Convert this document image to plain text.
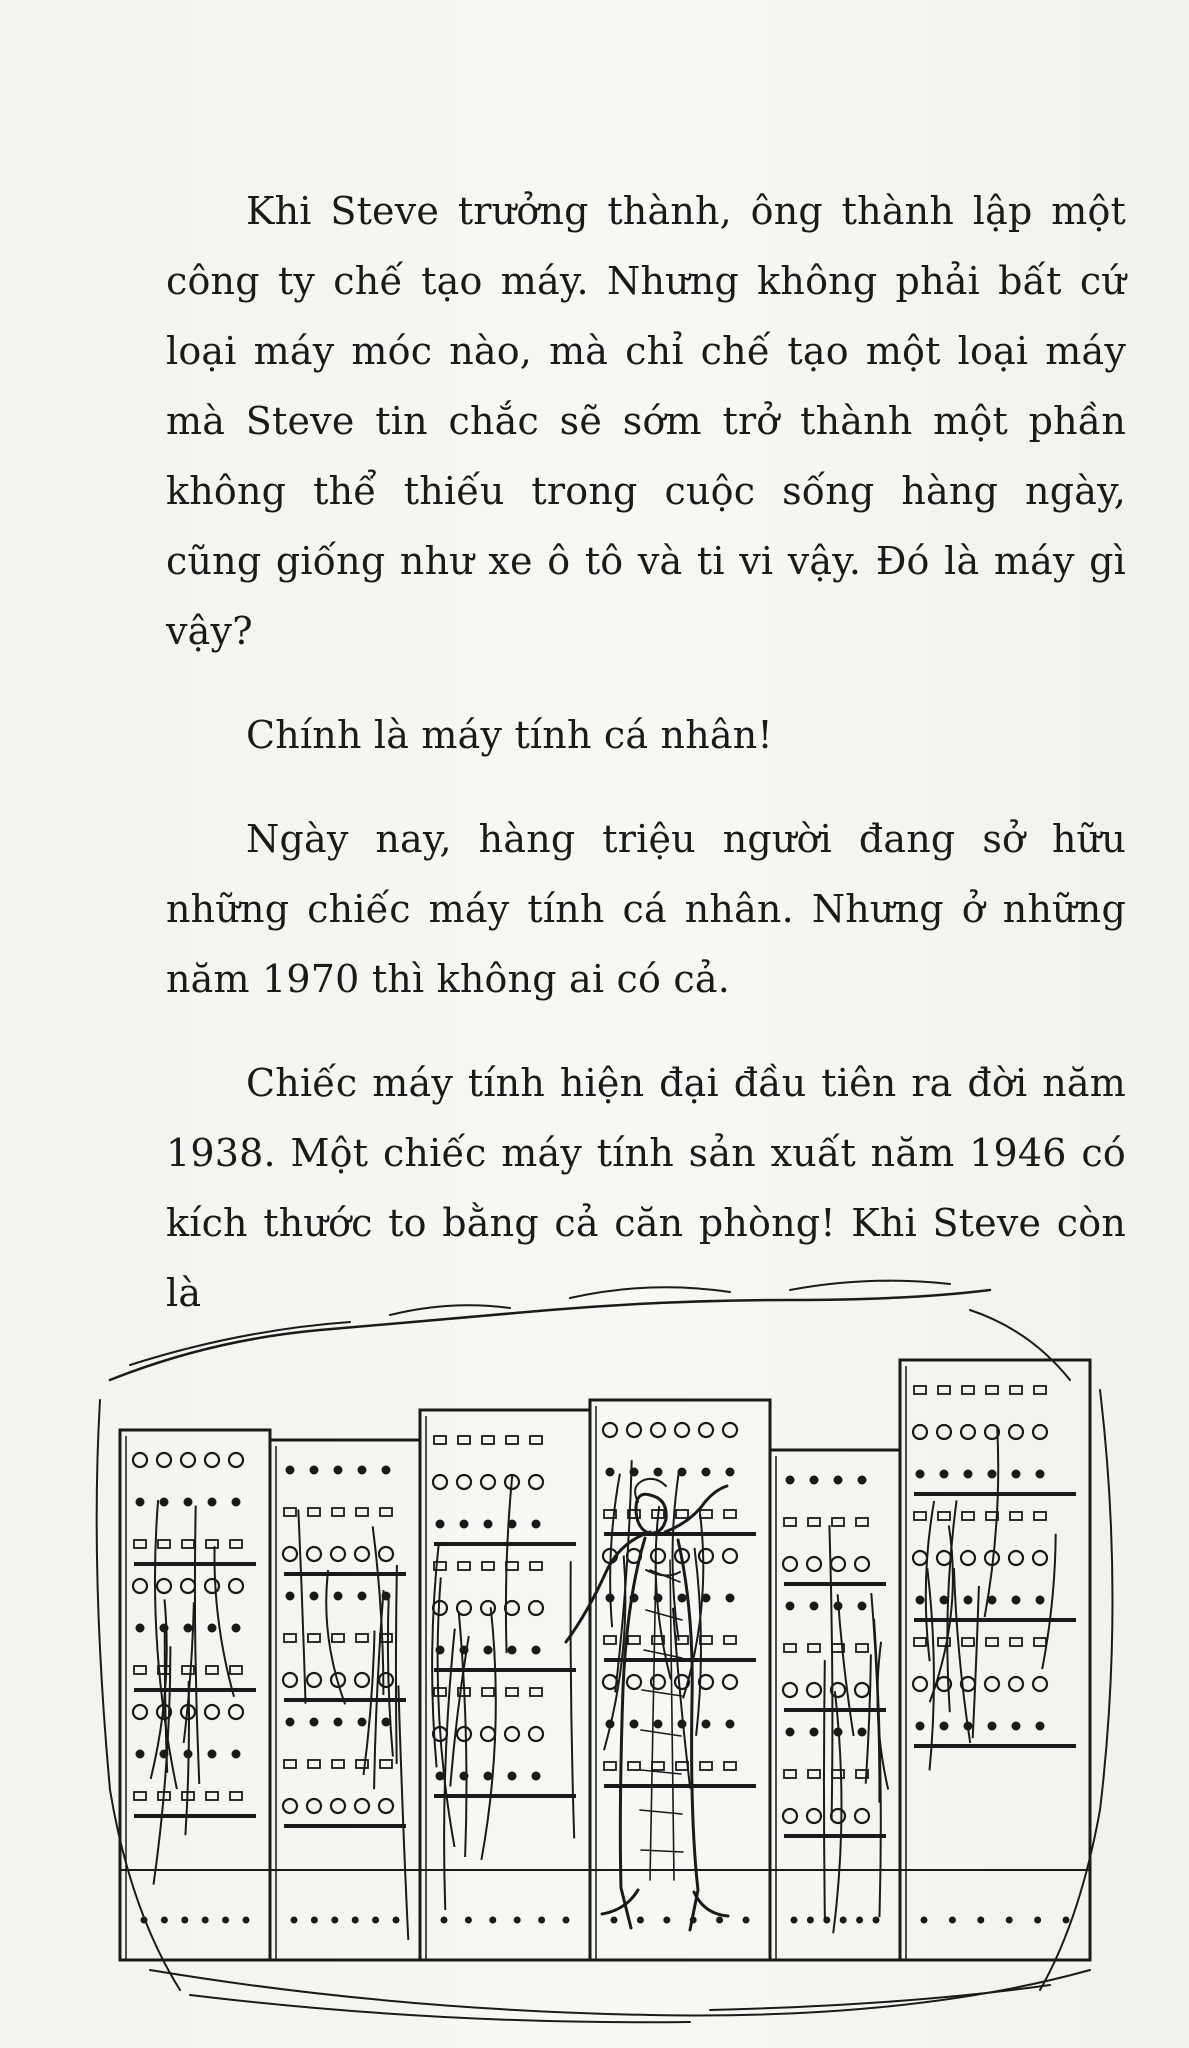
Khi Steve trưởng thành, ông thành lập một công ty chế tạo máy. Nhưng không phải bất cứ loại máy móc nào, mà chỉ chế tạo một loại máy mà Steve tin chắc sẽ sớm trở thành một phần không thể thiếu trong cuộc sống hàng ngày, cũng giống như xe ô tô và ti vi vậy. Đó là máy gì vậy?

Chính là máy tính cá nhân!

Ngày nay, hàng triệu người đang sở hữu những chiếc máy tính cá nhân. Nhưng ở những năm 1970 thì không ai có cả.

Chiếc máy tính hiện đại đầu tiên ra đời năm 1938. Một chiếc máy tính sản xuất năm 1946 có kích thước to bằng cả căn phòng! Khi Steve còn là
